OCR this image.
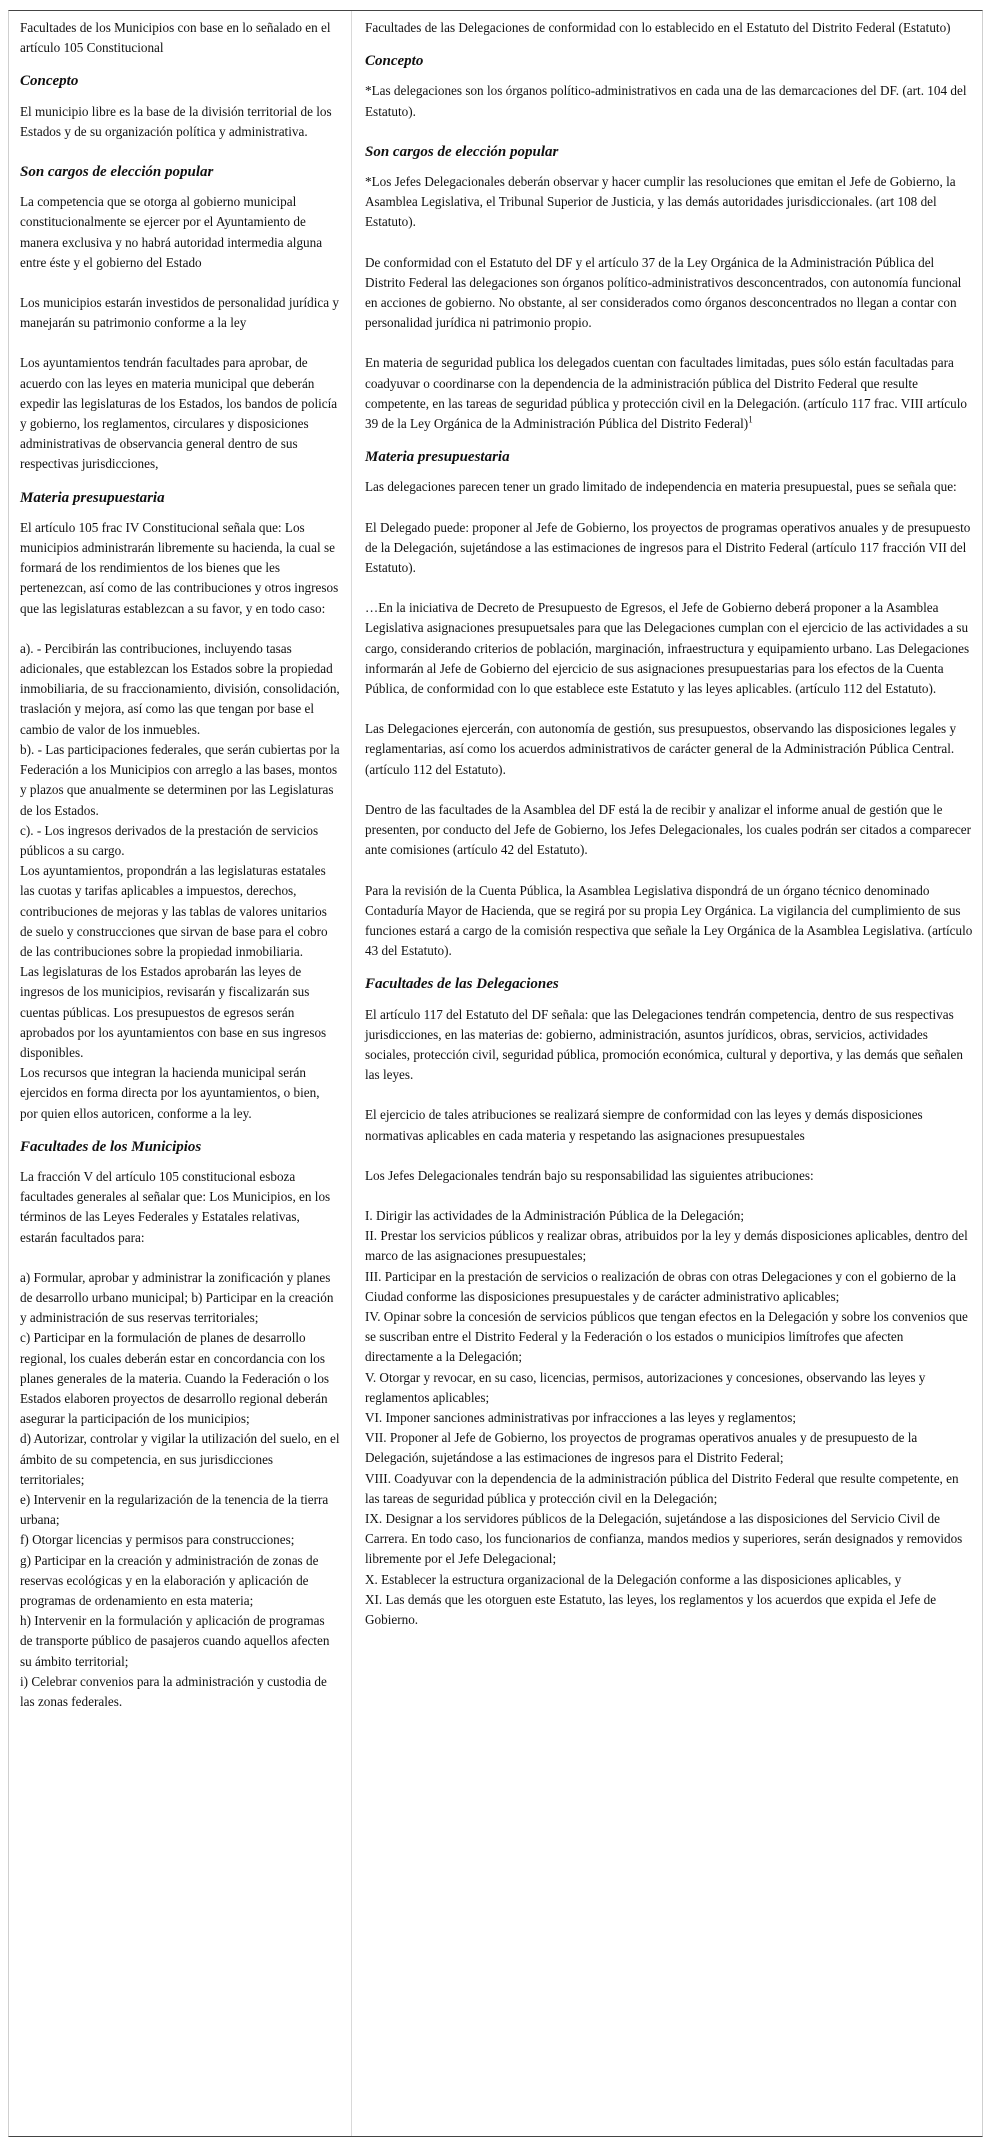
Facultades de los Municipios con base en lo señalado en el artículo 105 Constitucional

Concepto

El municipio libre es la base de la división territorial de los Estados y de su organización política y administrativa.

Son cargos de elección popular

La competencia que se otorga al gobierno municipal constitucionalmente se ejercer por el Ayuntamiento de manera exclusiva y no habrá autoridad intermedia alguna entre éste y el gobierno del Estado

Los municipios estarán investidos de personalidad jurídica y manejarán su patrimonio conforme a la ley

Los ayuntamientos tendrán facultades para aprobar, de acuerdo con las leyes en materia municipal que deberán expedir las legislaturas de los Estados, los bandos de policía y gobierno, los reglamentos, circulares y disposiciones administrativas de observancia general dentro de sus respectivas jurisdicciones,

Materia presupuestaria

El artículo 105 frac IV Constitucional señala que: Los municipios administrarán libremente su hacienda, la cual se formará de los rendimientos de los bienes que les pertenezcan, así como de las contribuciones y otros ingresos que las legislaturas establezcan a su favor, y en todo caso:

a). - Percibirán las contribuciones, incluyendo tasas adicionales, que establezcan los Estados sobre la propiedad inmobiliaria, de su fraccionamiento, división, consolidación, traslación y mejora, así como las que tengan por base el cambio de valor de los inmuebles.

b). - Las participaciones federales, que serán cubiertas por la Federación a los Municipios con arreglo a las bases, montos y plazos que anualmente se determinen por las Legislaturas de los Estados.

c). - Los ingresos derivados de la prestación de servicios públicos a su cargo.

Los ayuntamientos, propondrán a las legislaturas estatales las cuotas y tarifas aplicables a impuestos, derechos, contribuciones de mejoras y las tablas de valores unitarios de suelo y construcciones que sirvan de base para el cobro de las contribuciones sobre la propiedad inmobiliaria.

Las legislaturas de los Estados aprobarán las leyes de ingresos de los municipios, revisarán y fiscalizarán sus cuentas públicas. Los presupuestos de egresos serán aprobados por los ayuntamientos con base en sus ingresos disponibles.

Los recursos que integran la hacienda municipal serán ejercidos en forma directa por los ayuntamientos, o bien, por quien ellos autoricen, conforme a la ley.

Facultades de los Municipios

La fracción V del artículo 105 constitucional esboza facultades generales al señalar que: Los Municipios, en los términos de las Leyes Federales y Estatales relativas, estarán facultados para:

a) Formular, aprobar y administrar la zonificación y planes de desarrollo urbano municipal; b) Participar en la creación y administración de sus reservas territoriales;

c) Participar en la formulación de planes de desarrollo regional, los cuales deberán estar en concordancia con los planes generales de la materia. Cuando la Federación o los Estados elaboren proyectos de desarrollo regional deberán asegurar la participación de los municipios;

d) Autorizar, controlar y vigilar la utilización del suelo, en el ámbito de su competencia, en sus jurisdicciones territoriales;

e) Intervenir en la regularización de la tenencia de la tierra urbana;

f) Otorgar licencias y permisos para construcciones;

g) Participar en la creación y administración de zonas de reservas ecológicas y en la elaboración y aplicación de programas de ordenamiento en esta materia;

h) Intervenir en la formulación y aplicación de programas de transporte público de pasajeros cuando aquellos afecten su ámbito territorial;

i) Celebrar convenios para la administración y custodia de las zonas federales.

Facultades de las Delegaciones de conformidad con lo establecido en el Estatuto del Distrito Federal (Estatuto)

Concepto

*Las delegaciones son los órganos político-administrativos en cada una de las demarcaciones del DF. (art. 104 del Estatuto).

Son cargos de elección popular

*Los Jefes Delegacionales deberán observar y hacer cumplir las resoluciones que emitan el Jefe de Gobierno, la Asamblea Legislativa, el Tribunal Superior de Justicia, y las demás autoridades jurisdiccionales. (art 108 del Estatuto).

De conformidad con el Estatuto del DF y el artículo 37 de la Ley Orgánica de la Administración Pública del Distrito Federal las delegaciones son órganos político-administrativos desconcentrados, con autonomía funcional en acciones de gobierno. No obstante, al ser considerados como órganos desconcentrados no llegan a contar con personalidad jurídica ni patrimonio propio.

En materia de seguridad publica los delegados cuentan con facultades limitadas, pues sólo están facultadas para coadyuvar o coordinarse con la dependencia de la administración pública del Distrito Federal que resulte competente, en las tareas de seguridad pública y protección civil en la Delegación. (artículo 117 frac. VIII artículo 39 de la Ley Orgánica de la Administración Pública del Distrito Federal)$^1$

Materia presupuestaria

Las delegaciones parecen tener un grado limitado de independencia en materia presupuestal, pues se señala que:

El Delegado puede: proponer al Jefe de Gobierno, los proyectos de programas operativos anuales y de presupuesto de la Delegación, sujetándose a las estimaciones de ingresos para el Distrito Federal (artículo 117 fracción VII del Estatuto).

…En la iniciativa de Decreto de Presupuesto de Egresos, el Jefe de Gobierno deberá proponer a la Asamblea Legislativa asignaciones presupuetsales para que las Delegaciones cumplan con el ejercicio de las actividades a su cargo, considerando criterios de población, marginación, infraestructura y equipamiento urbano. Las Delegaciones informarán al Jefe de Gobierno del ejercicio de sus asignaciones presupuestarias para los efectos de la Cuenta Pública, de conformidad con lo que establece este Estatuto y las leyes aplicables. (artículo 112 del Estatuto).

Las Delegaciones ejercerán, con autonomía de gestión, sus presupuestos, observando las disposiciones legales y reglamentarias, así como los acuerdos administrativos de carácter general de la Administración Pública Central. (artículo 112 del Estatuto).

Dentro de las facultades de la Asamblea del DF está la de recibir y analizar el informe anual de gestión que le presenten, por conducto del Jefe de Gobierno, los Jefes Delegacionales, los cuales podrán ser citados a comparecer ante comisiones (artículo 42 del Estatuto).

Para la revisión de la Cuenta Pública, la Asamblea Legislativa dispondrá de un órgano técnico denominado Contaduría Mayor de Hacienda, que se regirá por su propia Ley Orgánica. La vigilancia del cumplimiento de sus funciones estará a cargo de la comisión respectiva que señale la Ley Orgánica de la Asamblea Legislativa. (artículo 43 del Estatuto).

Facultades de las Delegaciones

El artículo 117 del Estatuto del DF señala: que las Delegaciones tendrán competencia, dentro de sus respectivas jurisdicciones, en las materias de: gobierno, administración, asuntos jurídicos, obras, servicios, actividades sociales, protección civil, seguridad pública, promoción económica, cultural y deportiva, y las demás que señalen las leyes.

El ejercicio de tales atribuciones se realizará siempre de conformidad con las leyes y demás disposiciones normativas aplicables en cada materia y respetando las asignaciones presupuestales

Los Jefes Delegacionales tendrán bajo su responsabilidad las siguientes atribuciones:

I. Dirigir las actividades de la Administración Pública de la Delegación;

II. Prestar los servicios públicos y realizar obras, atribuidos por la ley y demás disposiciones aplicables, dentro del marco de las asignaciones presupuestales;

III. Participar en la prestación de servicios o realización de obras con otras Delegaciones y con el gobierno de la Ciudad conforme las disposiciones presupuestales y de carácter administrativo aplicables;

IV. Opinar sobre la concesión de servicios públicos que tengan efectos en la Delegación y sobre los convenios que se suscriban entre el Distrito Federal y la Federación o los estados o municipios limítrofes que afecten directamente a la Delegación;

V. Otorgar y revocar, en su caso, licencias, permisos, autorizaciones y concesiones, observando las leyes y reglamentos aplicables;

VI. Imponer sanciones administrativas por infracciones a las leyes y reglamentos;

VII. Proponer al Jefe de Gobierno, los proyectos de programas operativos anuales y de presupuesto de la Delegación, sujetándose a las estimaciones de ingresos para el Distrito Federal;

VIII. Coadyuvar con la dependencia de la administración pública del Distrito Federal que resulte competente, en las tareas de seguridad pública y protección civil en la Delegación;

IX. Designar a los servidores públicos de la Delegación, sujetándose a las disposiciones del Servicio Civil de Carrera. En todo caso, los funcionarios de confianza, mandos medios y superiores, serán designados y removidos libremente por el Jefe Delegacional;

X. Establecer la estructura organizacional de la Delegación conforme a las disposiciones aplicables, y

XI. Las demás que les otorguen este Estatuto, las leyes, los reglamentos y los acuerdos que expida el Jefe de Gobierno.
